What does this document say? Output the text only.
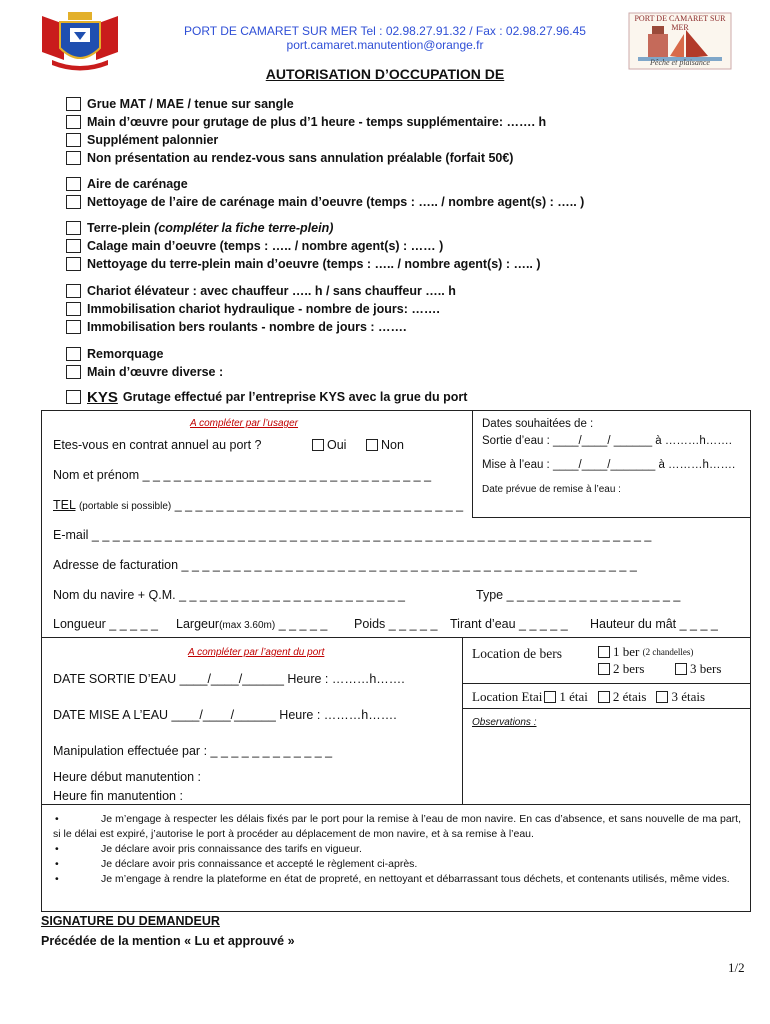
PORT DE CAMARET SUR MER Tel : 02.98.27.91.32 / Fax : 02.98.27.96.45
port.camaret.manutention@orange.fr
PORT DE CAMARET SUR MER
Pêche et plaisance
AUTORISATION D’OCCUPATION DE
Grue MAT / MAE / tenue sur sangle
Main d’œuvre pour grutage de plus d’1 heure - temps supplémentaire: ……. h
Supplément palonnier
Non présentation au rendez-vous sans annulation préalable (forfait 50€)
Aire de carénage
Nettoyage de l’aire de carénage main d’oeuvre (temps : ….. / nombre agent(s) : ….. )
Terre-plein
(compléter la fiche terre-plein)
Calage main d’oeuvre (temps : ….. / nombre agent(s) : …… )
Nettoyage du terre-plein main d’oeuvre (temps : ….. / nombre agent(s) : ….. )
Chariot élévateur : avec chauffeur ….. h / sans chauffeur ….. h
Immobilisation chariot hydraulique - nombre de jours: …….
Immobilisation bers roulants - nombre de jours : …….
Remorquage
Main d’œuvre diverse :
KYS Grutage effectué par l’entreprise KYS avec la grue du port
A compléter par l’usager
Etes-vous en contrat annuel au port ?	Oui	Non
Nom et prénom _ _ _ _ _ _ _ _ _ _ _ _ _ _ _ _ _ _ _ _ _ _ _ _ _ _ _ _
TEL (portable si possible) _ _ _ _ _ _ _ _ _ _ _ _ _ _ _ _ _ _ _ _ _ _ _ _ _ _ _ _
Dates souhaitées de :
Sortie d’eau : ____/____/ ______ à ………h…….
Mise à l’eau : ____/____/_______ à ………h…….
Date prévue de remise à l’eau :
E-mail _ _ _ _ _ _ _ _ _ _ _ _ _ _ _ _ _ _ _ _ _ _ _ _ _ _ _ _ _ _ _ _ _ _ _ _ _ _ _ _ _ _ _ _ _ _ _ _ _ _ _ _ _ _
Adresse de facturation _ _ _ _ _ _ _ _ _ _ _ _ _ _ _ _ _ _ _ _ _ _ _ _ _ _ _ _ _ _ _ _ _ _ _ _ _ _ _ _ _ _ _ _
Nom du navire + Q.M. _ _ _ _ _ _ _ _ _ _ _ _ _ _ _ _ _ _ _ _ _ _	Type _ _ _ _ _ _ _ _ _ _ _ _ _ _ _ _ _
Longueur _ _ _ _ _ Largeur(max 3.60m) _ _ _ _ _ Poids _ _ _ _ _ Tirant d’eau _ _ _ _ _ Hauteur du mât _ _ _ _
A compléter par l’agent du port
DATE SORTIE D’EAU ____/____/______ Heure : ………h…….
DATE MISE A L’EAU ____/____/______ Heure : ………h…….
Manipulation effectuée par : _ _ _ _ _ _ _ _ _ _ _ _
Heure début manutention :
Heure fin manutention :
Location de bers	1 ber
(2 chandelles)
2 bers	3 bers
Location Etai 1 étai 2 étais 3 étais
Observations :
•	Je m’engage à respecter les délais fixés par le port pour la remise à l’eau de mon navire. En cas d’absence, et sans nouvelle de ma part, si le délai est expiré, j’autorise le port à procéder au déplacement de mon navire, et à sa remise à l’eau.
•	Je déclare avoir pris connaissance des tarifs en vigueur.
•	Je déclare avoir pris connaissance et accepté le règlement ci-après.
•	Je m’engage à rendre la plateforme en état de propreté, en nettoyant et débarrassant tous déchets, et contenants utilisés, même vides.
SIGNATURE DU DEMANDEUR
Précédée de la mention « Lu et approuvé »
1/2
